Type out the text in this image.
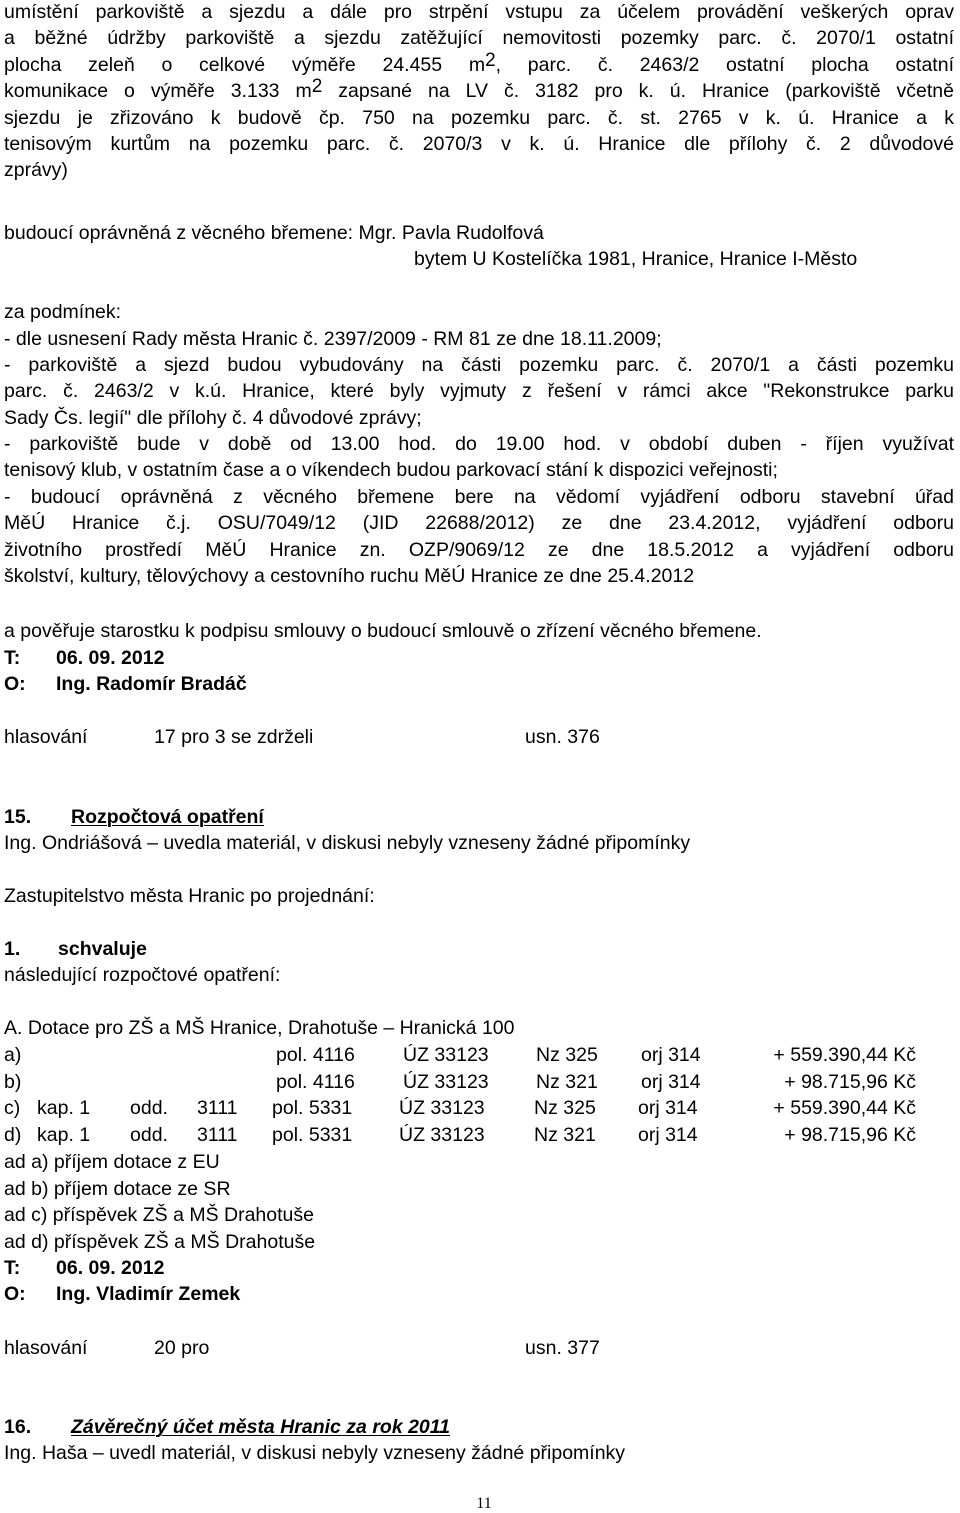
umístění parkoviště a sjezdu a dále pro strpění vstupu za účelem provádění veškerých oprav

a běžné údržby parkoviště a sjezdu zatěžující nemovitosti pozemky parc. č. 2070/1 ostatní

plocha zeleň o celkové výměře 24.455 $m^2$, parc. č. 2463/2 ostatní plocha ostatní

komunikace o výměře 3.133 $m^2$ zapsané na LV č. 3182 pro k. ú. Hranice (parkoviště včetně

sjezdu je zřizováno k budově čp. 750 na pozemku parc. č. st. 2765 v k. ú. Hranice a k

tenisovým kurtům na pozemku parc. č. 2070/3 v k. ú. Hranice dle přílohy č. 2 důvodové

zprávy)

budoucí oprávněná z věcného břemene: Mgr. Pavla Rudolfová
bytem U Kostelíčka 1981, Hranice, Hranice I-Město
za podmínek:
- dle usnesení Rady města Hranic č. 2397/2009 - RM 81 ze dne 18.11.2009;

- parkoviště a sjezd budou vybudovány na části pozemku parc. č. 2070/1 a části pozemku

parc. č. 2463/2 v k.ú. Hranice, které byly vyjmuty z řešení v rámci akce "Rekonstrukce parku

Sady Čs. legií" dle přílohy č. 4 důvodové zprávy;

- parkoviště bude v době od 13.00 hod. do 19.00 hod. v období duben - říjen využívat

tenisový klub, v ostatním čase a o víkendech budou parkovací stání k dispozici veřejnosti;

- budoucí oprávněná z věcného břemene bere na vědomí vyjádření odboru stavební úřad

MěÚ Hranice č.j. OSU/7049/12 (JID 22688/2012) ze dne 23.4.2012, vyjádření odboru

životního prostředí MěÚ Hranice zn. OZP/9069/12 ze dne 18.5.2012 a vyjádření odboru

školství, kultury, tělovýchovy a cestovního ruchu MěÚ Hranice ze dne 25.4.2012

a pověřuje starostku k podpisu smlouvy o budoucí smlouvě o zřízení věcného břemene.
T: 06. 09. 2012
O: Ing. Radomír Bradáč
hlasování	17 pro 3 se zdrželi	usn. 376
15. Rozpočtová opatření
Ing. Ondriášová – uvedla materiál, v diskusi nebyly vzneseny žádné připomínky
Zastupitelstvo města Hranic po projednání:
1. schvaluje
následující rozpočtové opatření:
A. Dotace pro ZŠ a MŠ Hranice, Drahotuše – Hranická 100
a)	pol. 4116 ÚZ 33123 Nz 325 orj 314	+ 559.390,44 Kč
b)	pol. 4116 ÚZ 33123 Nz 321 orj 314	+ 98.715,96 Kč
c) kap. 1 odd. 3111 pol. 5331 ÚZ 33123	Nz 325 orj 314	+ 559.390,44 Kč
d) kap. 1 odd. 3111 pol. 5331 ÚZ 33123	Nz 321 orj 314	+ 98.715,96 Kč
ad a) příjem dotace z EU
ad b) příjem dotace ze SR
ad c) příspěvek ZŠ a MŠ Drahotuše
ad d) příspěvek ZŠ a MŠ Drahotuše
T: 06. 09. 2012
O: Ing. Vladimír Zemek
hlasování	20 pro	usn. 377
16. Závěrečný účet města Hranic za rok 2011
Ing. Haša – uvedl materiál, v diskusi nebyly vzneseny žádné připomínky
11
